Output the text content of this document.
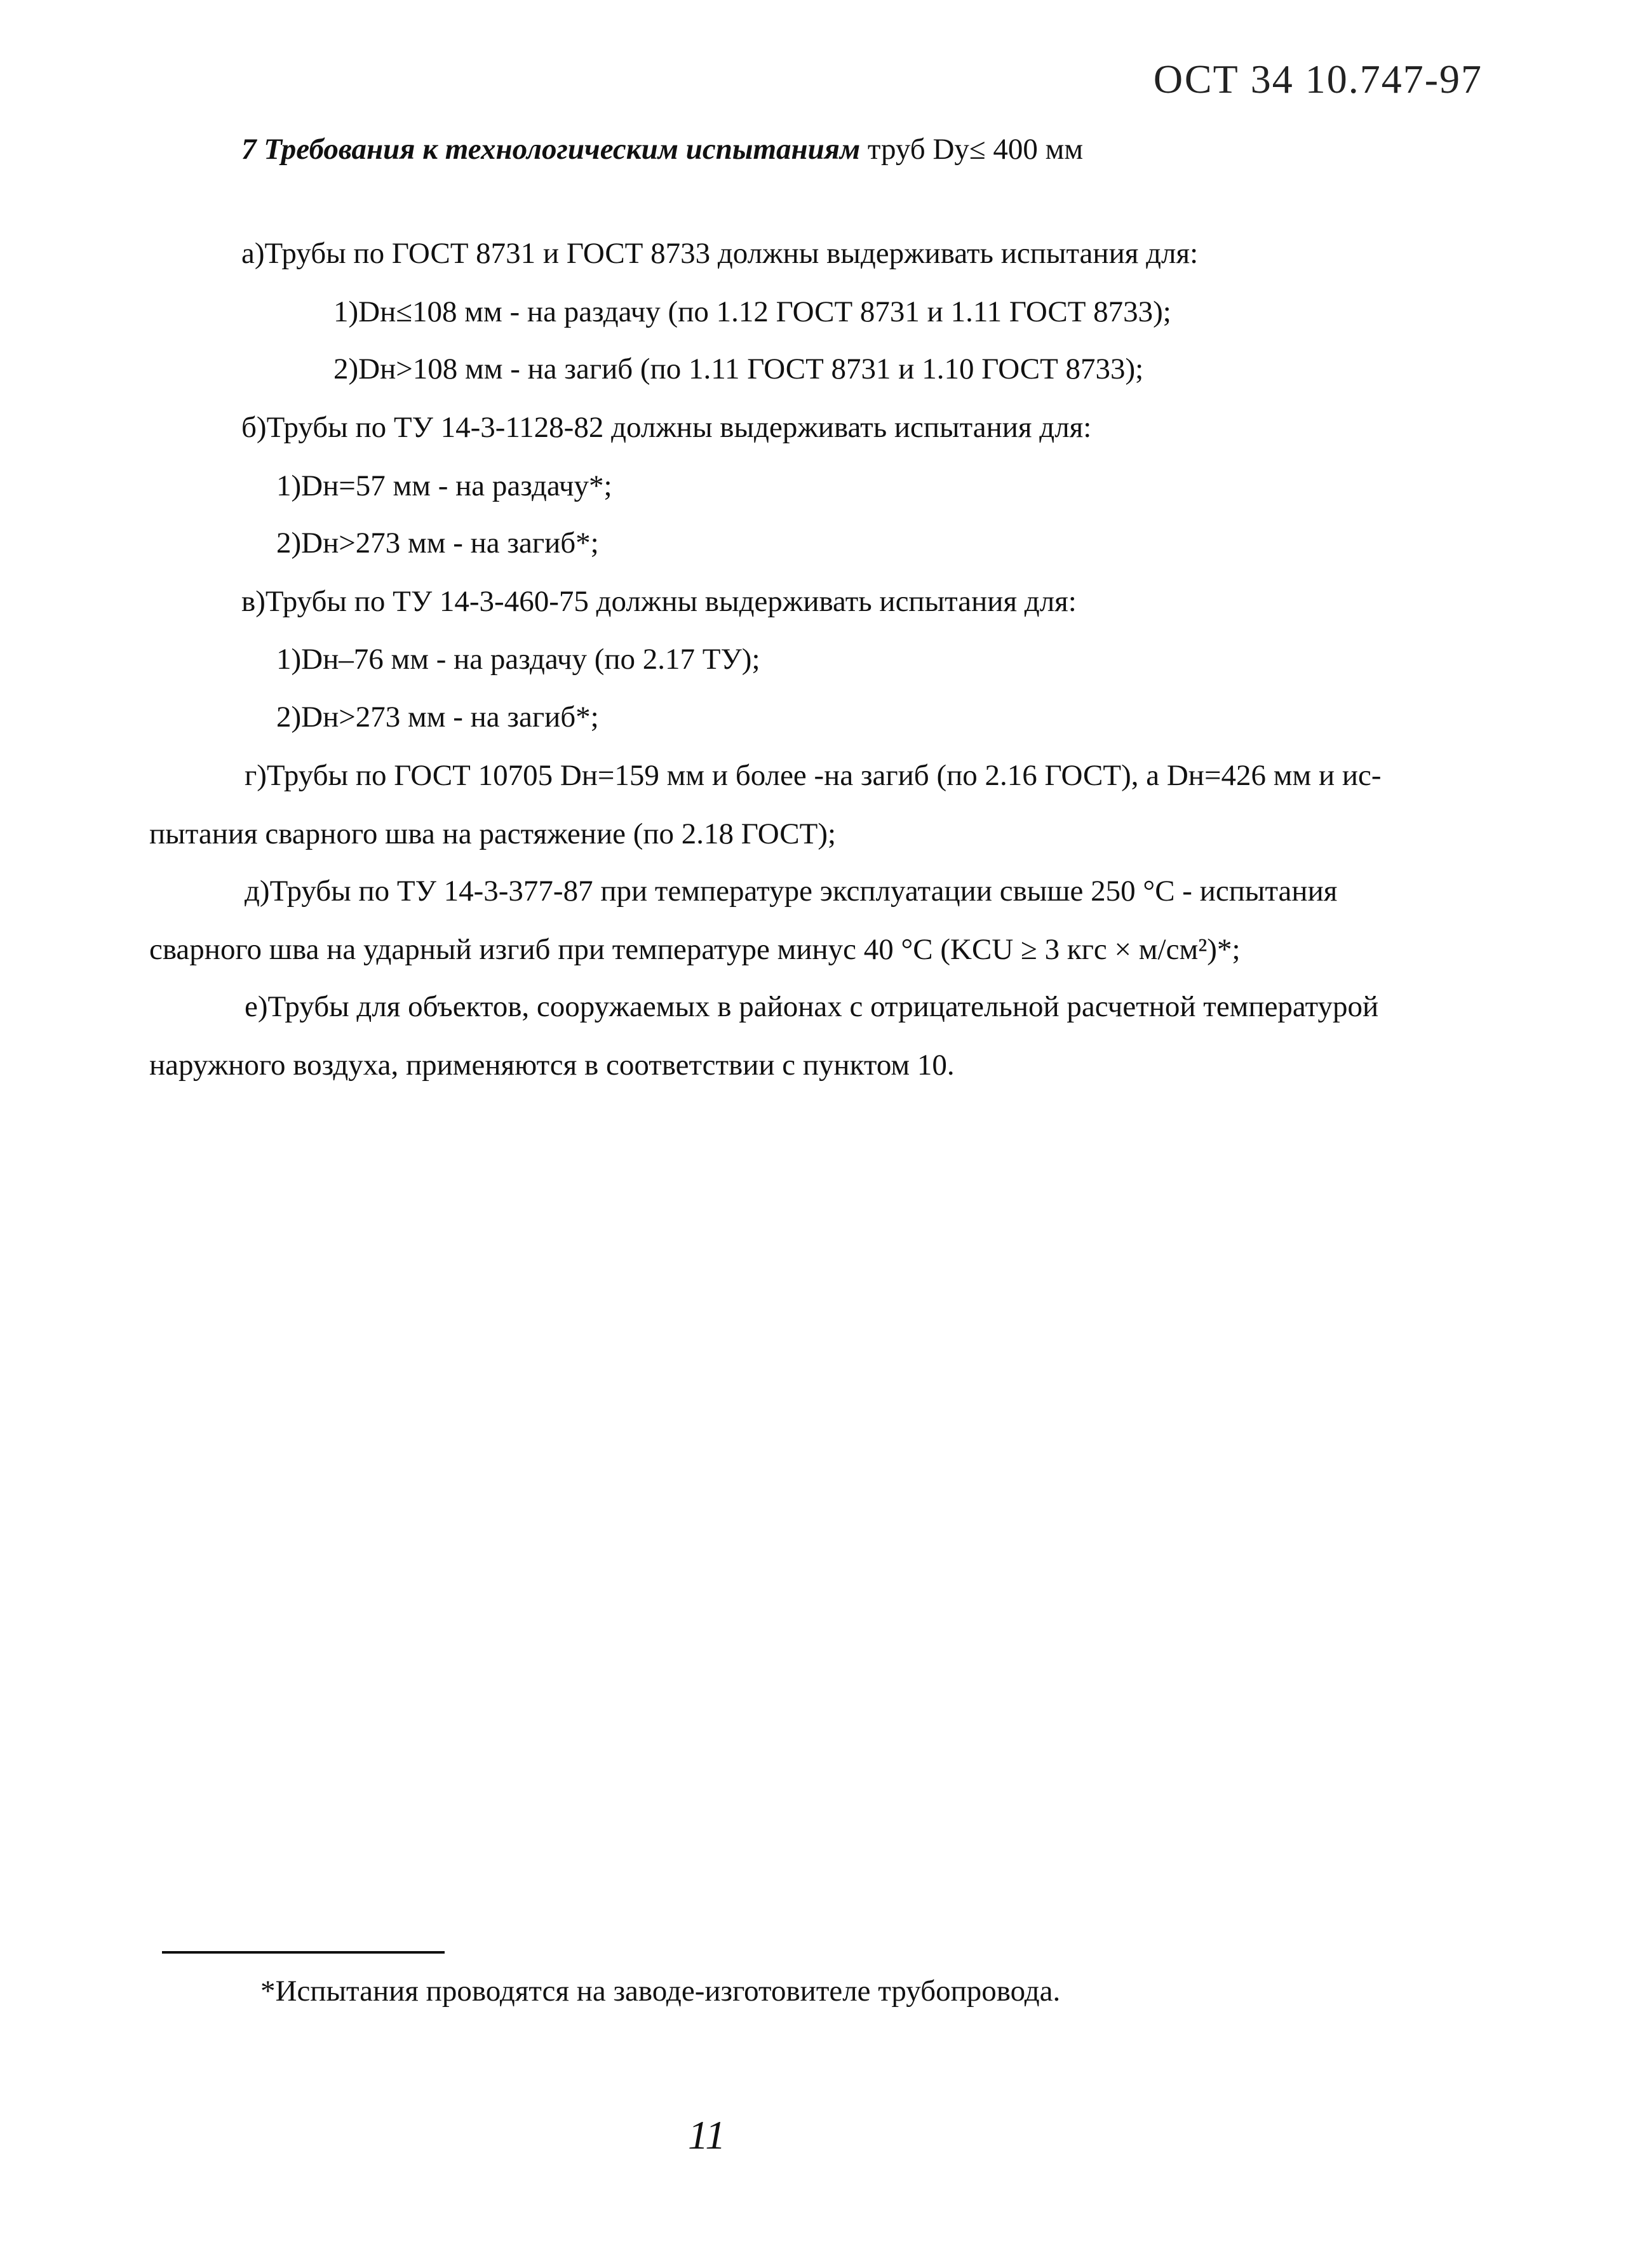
ОСТ 34 10.747-97
7 Требования к технологическим испытаниям труб Dу≤ 400 мм
а)Трубы по ГОСТ 8731 и ГОСТ 8733 должны выдерживать испытания для:
1)Dн≤108 мм - на раздачу (по 1.12 ГОСТ 8731 и 1.11 ГОСТ 8733);
2)Dн>108 мм - на загиб (по 1.11 ГОСТ 8731 и 1.10 ГОСТ 8733);
б)Трубы по ТУ 14-3-1128-82 должны выдерживать испытания для:
1)Dн=57 мм - на раздачу*;
2)Dн>273 мм - на загиб*;
в)Трубы по ТУ 14-3-460-75 должны выдерживать испытания для:
1)Dн–76 мм - на раздачу (по 2.17 ТУ);
2)Dн>273 мм - на загиб*;
г)Трубы по ГОСТ 10705 Dн=159 мм и более -на загиб (по 2.16 ГОСТ), а Dн=426 мм и ис-
пытания сварного шва на растяжение (по 2.18 ГОСТ);
д)Трубы по ТУ 14-3-377-87 при температуре эксплуатации свыше 250 °С - испытания
сварного шва на ударный изгиб при температуре минус 40 °С (KCU ≥ 3 кгс × м/см²)*;
е)Трубы для объектов, сооружаемых в районах с отрицательной расчетной температурой
наружного воздуха, применяются в соответствии с пунктом 10.
*Испытания проводятся на заводе-изготовителе трубопровода.
11
